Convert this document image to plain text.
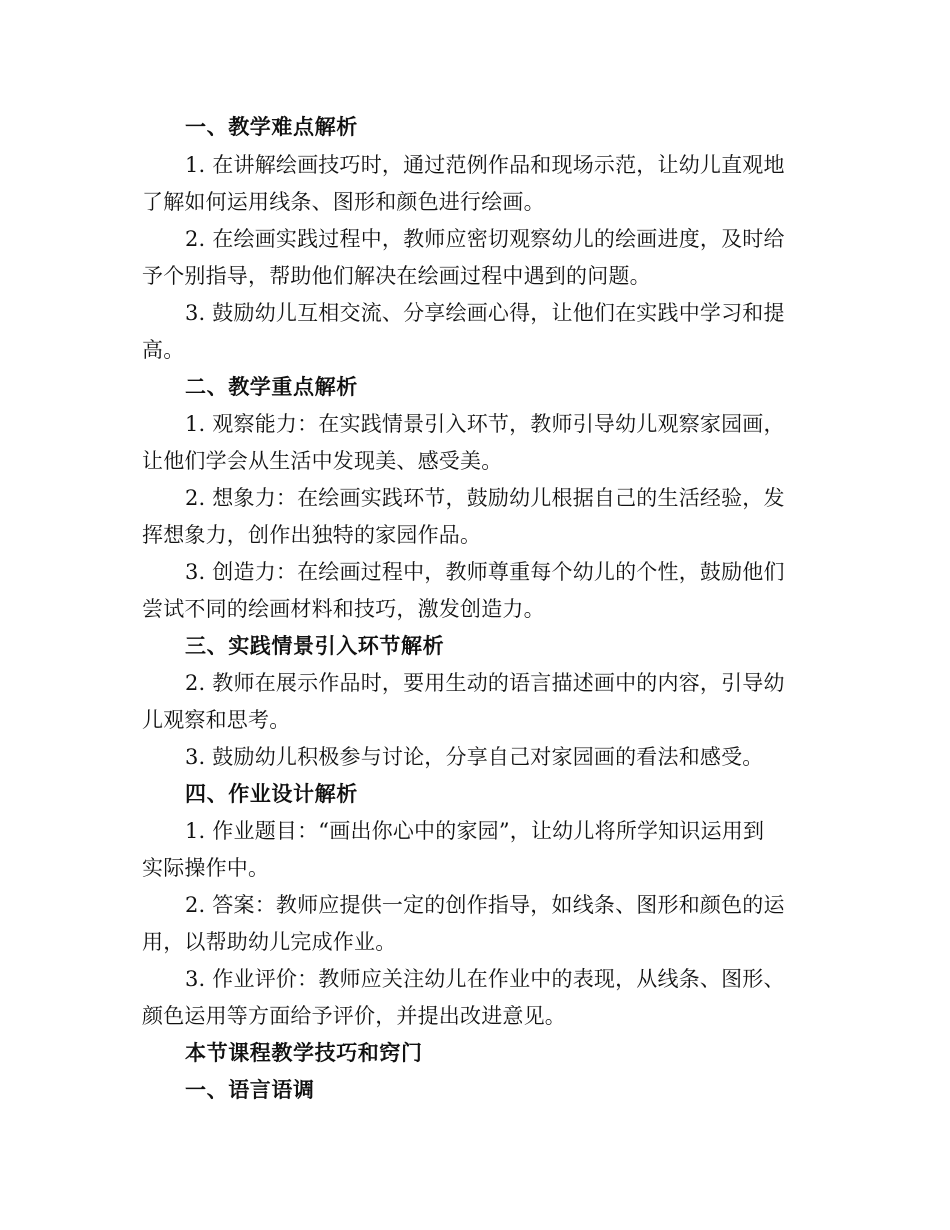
一、教学难点解析
1. 在讲解绘画技巧时，通过范例作品和现场示范，让幼儿直观地
了解如何运用线条、图形和颜色进行绘画。
2. 在绘画实践过程中，教师应密切观察幼儿的绘画进度，及时给
予个别指导，帮助他们解决在绘画过程中遇到的问题。
3. 鼓励幼儿互相交流、分享绘画心得，让他们在实践中学习和提
高。
二、教学重点解析
1. 观察能力：在实践情景引入环节，教师引导幼儿观察家园画，
让他们学会从生活中发现美、感受美。
2. 想象力：在绘画实践环节，鼓励幼儿根据自己的生活经验，发
挥想象力，创作出独特的家园作品。
3. 创造力：在绘画过程中，教师尊重每个幼儿的个性，鼓励他们
尝试不同的绘画材料和技巧，激发创造力。
三、实践情景引入环节解析
2. 教师在展示作品时，要用生动的语言描述画中的内容，引导幼
儿观察和思考。
3. 鼓励幼儿积极参与讨论，分享自己对家园画的看法和感受。
四、作业设计解析
1. 作业题目：“画出你心中的家园”，让幼儿将所学知识运用到
实际操作中。
2. 答案：教师应提供一定的创作指导，如线条、图形和颜色的运
用，以帮助幼儿完成作业。
3. 作业评价：教师应关注幼儿在作业中的表现，从线条、图形、
颜色运用等方面给予评价，并提出改进意见。
本节课程教学技巧和窍门
一、语言语调
